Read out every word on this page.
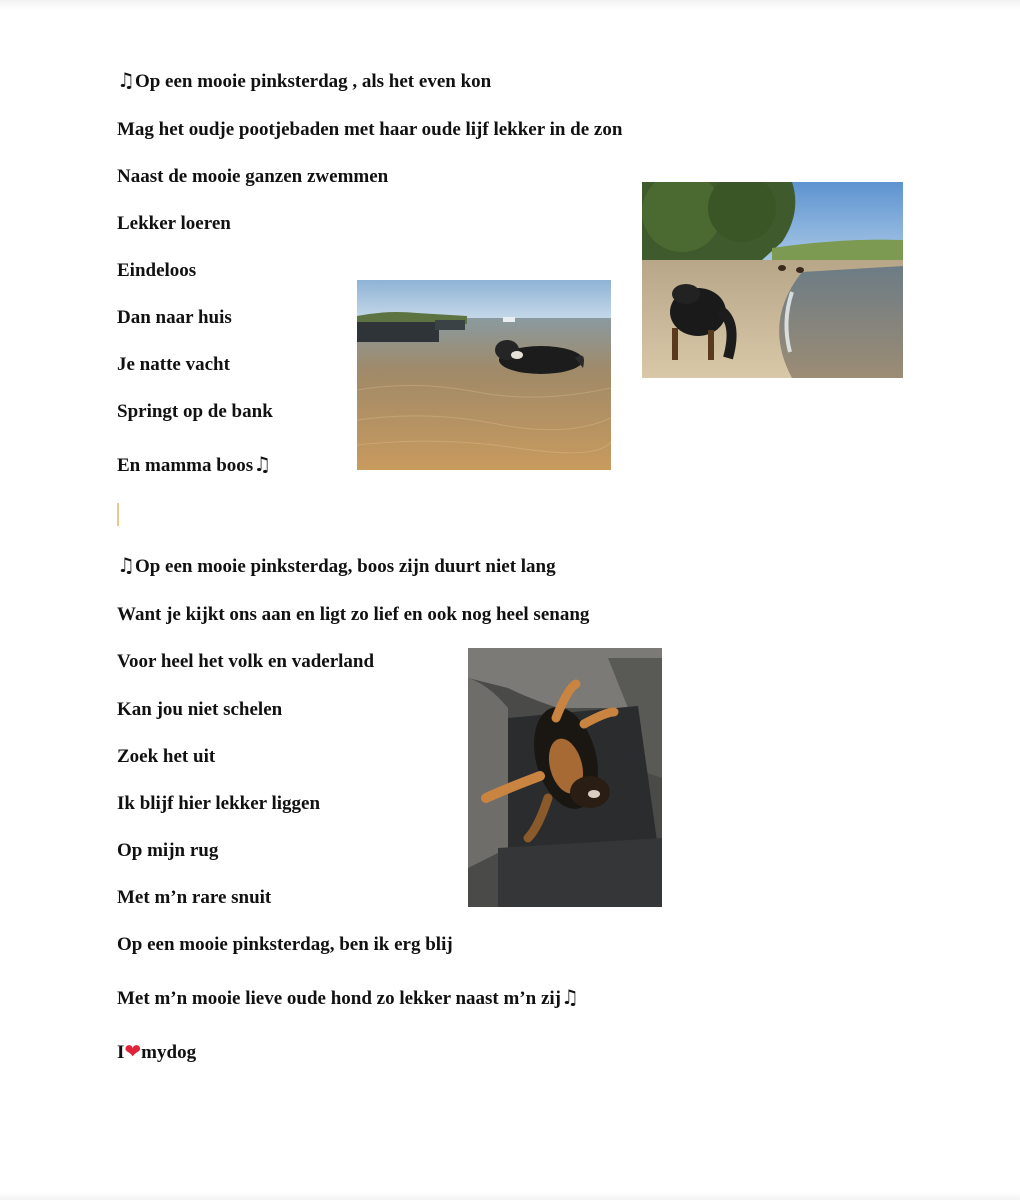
♫Op een mooie pinksterdag , als het even kon
Mag het oudje pootjebaden met haar oude lijf lekker in de zon
Naast de mooie ganzen zwemmen
Lekker loeren
Eindeloos
Dan naar huis
Je natte vacht
Springt op de bank
En mamma boos♫
♫Op een mooie pinksterdag, boos zijn duurt niet lang
Want je kijkt ons aan en ligt zo lief en ook nog heel senang
Voor heel het volk en vaderland
Kan jou niet schelen
Zoek het uit
Ik blijf hier lekker liggen
Op mijn rug
Met m’n rare snuit
Op een mooie pinksterdag, ben ik erg blij
Met m’n mooie lieve oude hond zo lekker naast m’n zij♫
I❤mydog
